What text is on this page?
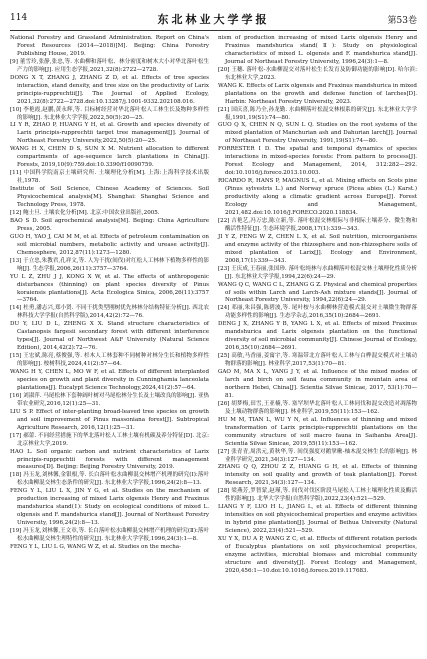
114	东北林业大学学报	第53卷
National Forestry and Grassland Administration. Report on China's Forest Resources (2014—2018)[M]. Beijing: China Forestry Publishing House, 2019.
[9] 董雪玲,张静,张忠,等. 水曲柳和落叶松、林分密度和树木大小对华北落叶松生产力的影响[J]. 应用生态学报,2021,32(8):2722—2728.
DONG X T, ZHANG J, ZHANG Z D, et al. Effects of tree species interaction, stand density, and tree size on the productivity of Larix principis-rupprechtii[J]. The Journal of Applied Ecology, 2021,32(8):2722—2728.doi:10.13287/j.1001-9332.202108.016.
[10] 李艳霞,赵鹏,黄永辉,等. 目标树经营对华北落叶松人工林生长及物种多样性的影响[J]. 东北林业大学学报,2022,50(5):20—25.
LI Y R, ZHAO P, HUANG Y H, et al. Growth and species diversity of Larix principis-rupprechtii target tree management[J]. Journal of Northeast Forestry University,2022,50(5):20—25.
WANG H X, CHEN D S, SUN X M. Nutrient allocation to different compartments of age-sequence larch plantations in China[J]. Forests, 2019,10(9):759.doi:10.3390/f10090759.
[11] 中国科学院南京土壤研究所. 土壤理化分析[M]. 上海:上海科学技术出版社,1978.
Institute of Soil Science, Chinese Academy of Sciences. Soil Physicochemical analysis[M]. Shanghai: Shanghai Science and Technology Press, 1978.
[12] 鲍士旦. 土壤农化分析[M]. 北京:中国农业出版社,2005.
BAO S D. Soil agrochemical analysis[M]. Beijing: China Agriculture Press, 2005.
GUO H, YAO J, CAI M M, et al. Effects of petroleum contamination on soil microbial numbers, metabolic activity and urease activity[J]. Chemosphere, 2012,87(11):1273—1280.
[13] 于立忠,朱教君,孔祥文,等. 人为干扰(间伐)对红松人工林林下植物多样性的影响[J]. 生态学报,2006,26(11):3757—3764.
YU L Z, ZHU J J, KONG X W, et al. The effects of anthropogenic disturbances (thinning) on plant species diversity of Pinus koraiensis plantations[J]. Acta Ecologica Sinica, 2006,26(11):3757—3764.
[14] 杜勇,潘志兴,郑小贤. 不同干扰类型刚树优先林林分结构特征分析[J]. 西北农林科技大学学报(自然科学版),2014,42(2):72—76.
DU Y, LIU D L, ZHENG X X. Stand structure characteristics of Castanopsis fargesii secondary forest with different interference types[J]. Journal of Northwest A&F University (Natural Science Edition), 2014,42(2):72—76.
[15] 王宏斌,陈亮,蔡俊强,等. 杉木人工林套种不同树种对林分生长和植物多样性的影响[J]. 桉树科技,2024,41(2):57—64.
WANG H Y, CHEN L, MO W F, et al. Effects of different interplanted species on growth and plant diversity in Cunninghamia lanceolata plantations[J]. Eucalypt Science Technology,2024,41(2):57—64.
[16] 刘淑萍. 马尾松林下套种阔叶树对马尾松林分生长及土壤改良的影响[J]. 亚热带农业研究,2016,12(1):25—31.
LIU S P. Effect of inter-planting broad-leaved tree species on growth and soil improvement of Pinus massoniana forest[J]. Subtropical Agriculture Research, 2016,12(1):25—31.
[17] 郝蕾. 不同经营措施下的华北落叶松人工林土壤有机碳及养分特征[D]. 北京:北京林业大学,2019.
HAO L. Soil organic carbon and nutrient characteristics of Larix principis-rupprechtii forests with different management measures[D]. Beijing: Beijing Forestry University, 2019.
[18] 冯玉龙,刘林馨,金银根,等. 长白落叶松水曲柳混交林增产机理的研究(Ⅰ):落叶松水曲柳混交林生态条件的研究[J]. 东北林业大学学报,1996,24(2):8—13.
FENG Y L, LIU L X, JIN Y G, et al. Studies on the mechanism of production increasing of mixed Larix olgensis Henry and Fraxinus mandshurica stand(Ⅰ): Study on ecological conditions of mixed L. olgensis and F. mandshurica stand[J]. Journal of Northeast Forestry University, 1996,24(2):8—13.
[19] 冯玉龙,刘林馨,王文章,等. 长白落叶松水曲柳混交林增产机理的研究(Ⅱ):落叶松水曲柳混交林生理特性的研究[J]. 东北林业大学学报,1996,24(3):1—8.
FENG Y L, LIU L G, WANG W Z, et al. Studies on the mecha-
nism of production increasing of mixed Larix olgensis Henry and Fraxinus mandshurica stand(Ⅱ): Study on physiological characteristics of mixed L. olgensis and F. mandshurica stand[J]. Journal of Northeast Forestry University, 1996,24(3):1—8.
[20] 王穗. 落叶松-水曲柳混交对落叶松生长发育及防御功能的影响[D]. 哈尔滨:东北林业大学,2023.
WANG K. Effects of Larix olgensis and Fraxinus mandshurica in mixed plantations on the growth and defense function of larches[D]. Harbin: Northeast Forestry University, 2023.
[21] 国庆喜,陈乃全,孙龙勤. 水曲柳落叶松混交林根系的研究[J]. 东北林业大学学报,1991,19(S1):74—80.
GUO Q X, CHEN N Q, SUN L Q. Studies on the root systems of the mixed plantation of Manchurian ash and Dahurian larch[J]. Journal of Northeast Forestry University, 1991,19(S1):74—80.
FORRESTER I D. The spatial and temporal dynamics of species interactions in mixed-species forests: From pattern to process[J]. Forest Ecology and Management, 2014, 312:282—292. doi:10.1016/j.foreco.2013.10.003.
RICARDO R, HANS P, MAGNUS L, et al. Mixing effects on Scots pine (Pinus sylvestris L.) and Norway spruce (Picea abies (L.) Karst.) productivity along a climatic gradient across Europe[J]. Forest Ecology and Management, 2021,482.doi:10.1016/J.FORECO.2020.118834.
[22] 吉艳艺,冯万忠,陈立新,等. 落叶松混交林根际与非根际土壤养分、微生物和酶活性特征[J]. 生态环境学报,2008,17(1):339—343.
JI Y Z, FENG W Z, CHEN L X, et al. Soil nutrition, microorganisms and enzyme activity of the rhizosphere and non-rhizosphere soils of mixed plantation of Larix[J]. Ecology and Environment, 2008,17(1):339—343.
[23] 王庆成,王春丽,张国珍. 落叶松纯林与水曲柳落叶松混交林土壤理化性质分析[J]. 东北林业大学学报,1994,22(6):24—29.
WANG Q C, WANG C L, ZHANG G Z. Physical and chemical properties of soils within Larch and Larch-Ash mixture stands[J]. Journal of Northeast Forestry University, 1994,22(6):24—29.
[24] 邓丽,朱昌强,陈碧波,等. 尾叶桉与水曲柳林营造模式混交对土壤微生物群落功能多样性的影响[J]. 生态学杂志,2016,35(10):2684—2691.
DENG J X, ZHANG Y B, YANG L X, et al. Effects of mixed Fraxinus mandshurica and Larix olgensis plantation on the functional diversity of soil microbial community[J]. Chinese Journal of Ecology, 2016,35(10):2684—2691.
[25] 高敏,马香丽,姜寓宇,等. 寒温带北方落叶松人工林与白桦混交模式对土壤动物群落的影响[J]. 林业科学,2017,53(1):70—81.
GAO M, MA X L, YANG J Y, et al. Influence of the mixed modes of larch and birch on soil fauna community in mountain area of northern Hebei, China[J]. Scientia Silvae Sinicae, 2017, 53(1):70—81.
[26] 胡梦梅,田雪,王亚楠,等. 塞罕坝华北落叶松人工林同伐和混交改造对凋落物及土壤动物群落的影响[J]. 林业科学,2019,55(11):153—162.
HU M M, TIAN L, WU Y N, et al. Influences of thinning and mixed transformation of Larix principis-rupprechtii plantations on the community structure of soil macro fauna in Saihanba Area[J]. Scientia Silvae Sinicae, 2019,55(11):153—162.
[27] 张青青,周洪元,黄秋华,等. 间伐强度对鹅掌楸-柚木混交林生长的影响[J]. 林业科学研究,2021,34(3):127—134.
ZHANG Q Q, ZHOU Z Z, HUANG G H, et al. Effects of thinning intensity on soil quality and growth of teak plantation[J]. Forest Research, 2021,34(3):127—134.
[28] 梁燕芳,罗智蒙,赵瑾,等. 间伐对伐区阶段马尾松人工林土壤理化性质及酶活性的影响[J]. 北华大学学报(自然科学版),2022,23(4):521—529.
LIANG Y F, LUO H L, JIANG L, et al. Effects of different thinning intensities on soil physicochemical properties and enzyme activities in hybrid pine plantation[J]. Journal of Beihua University (Natural Science), 2022,23(4):521—529.
XU Y X, DU A P, WANG Z C, et al. Effects of different rotation periods of Eucalyptus plantations on soil physicochemical properties, enzyme activities, microbial biomass and microbial community structure and diversity[J]. Forest Ecology and Management, 2020,456:1—10.doi:10.1016/j.foreco.2019.117683.
